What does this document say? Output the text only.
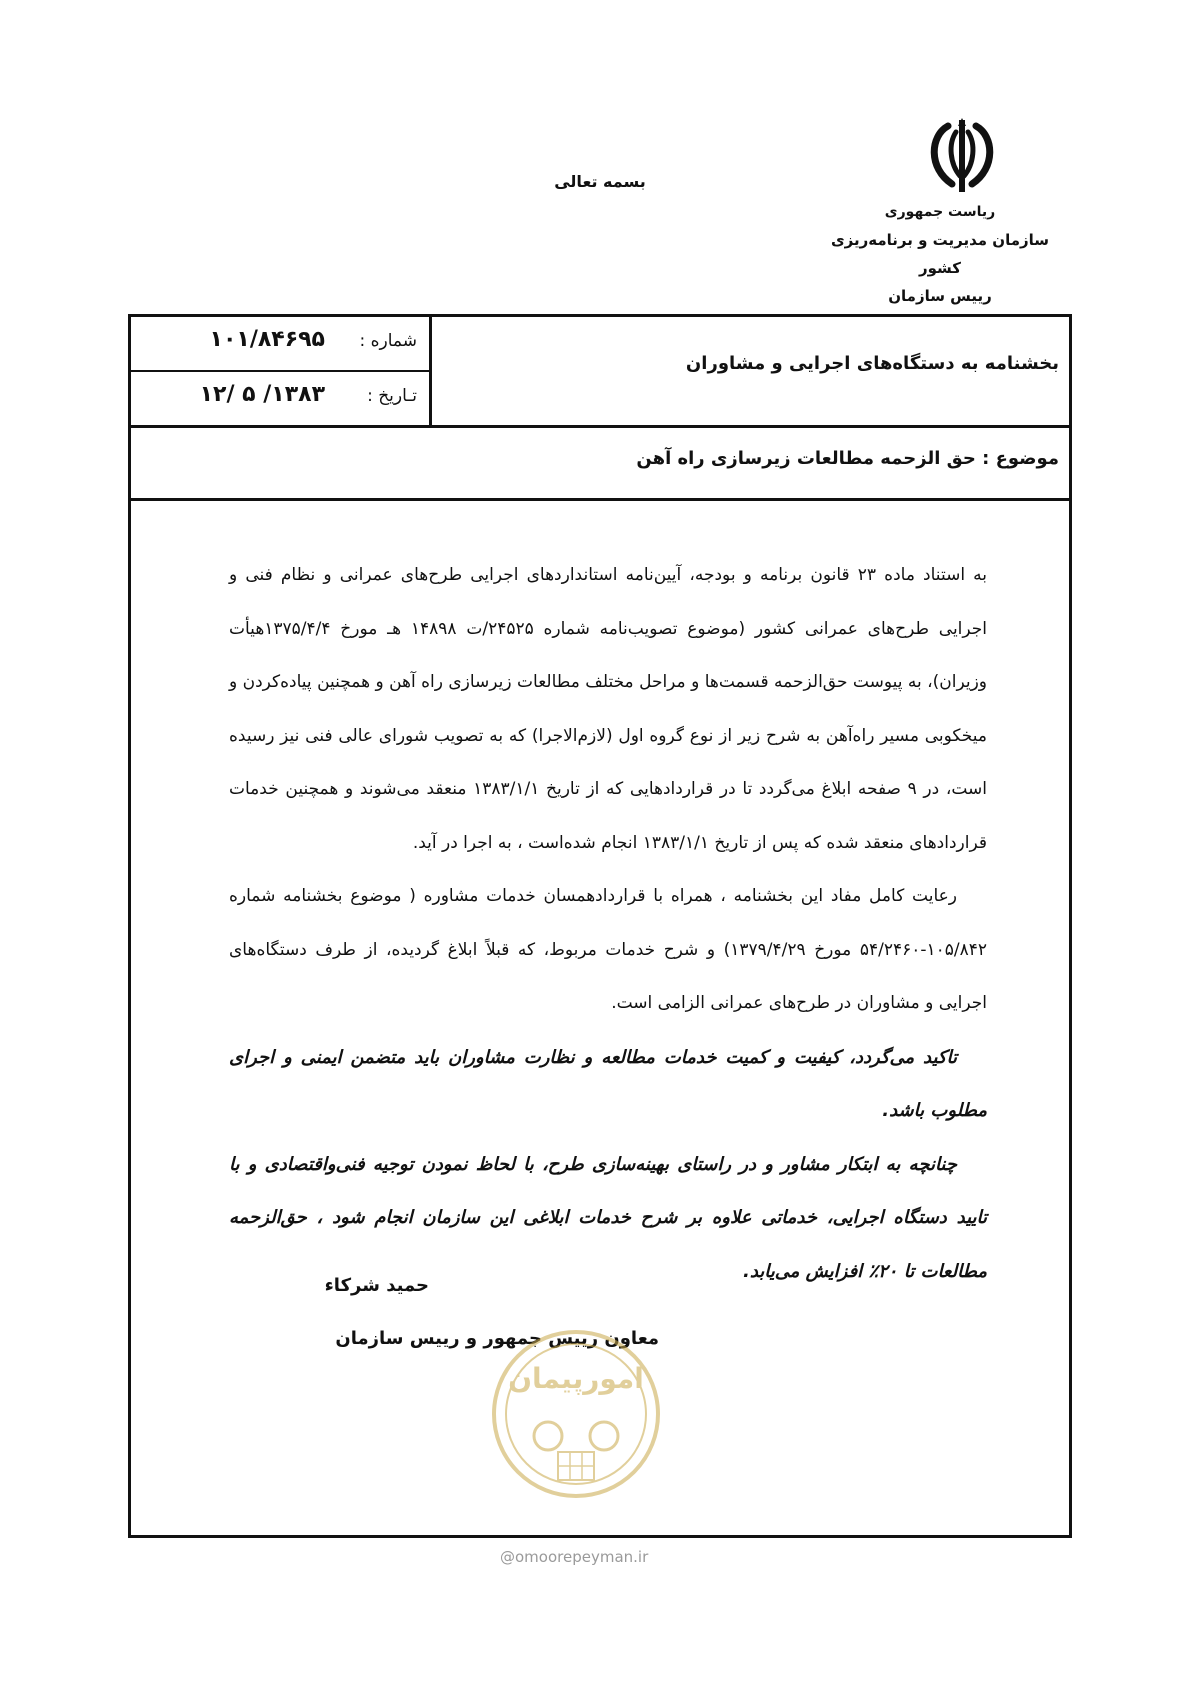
بسمه تعالی
ریاست جمهوری
سازمان مدیریت و برنامه‌ریزی کشور
رییس سازمان
شماره :
۱۰۱/۸۴۶۹۵
تـاریخ :
۱۳۸۳/ ۵ /۱۲
بخشنامه به دستگاه‌های اجرایی و مشاوران
موضوع : حق الزحمه مطالعات زیرسازی راه آهن

به استناد ماده ۲۳ قانون برنامه و بودجه، آیین‌نامه استانداردهای اجرایی طرح‌های عمرانی و نظام فنی و اجرایی طرح‌های عمرانی کشور (موضوع تصویب‌نامه شماره ۲۴۵۲۵/ت ۱۴۸۹۸ هـ مورخ ۱۳۷۵/۴/۴هیأت وزیران)، به پیوست حق‌الزحمه قسمت‌ها و مراحل مختلف مطالعات زیرسازی راه آهن و همچنین پیاده‌کردن و میخکوبی مسیر راه‌آهن به شرح زیر از نوع گروه اول (لازم‌الاجرا) که به تصویب شورای عالی فنی نیز رسیده است، در ۹ صفحه ابلاغ می‌گردد تا در قراردادهایی که از تاریخ ۱۳۸۳/۱/۱ منعقد می‌شوند و همچنین خدمات قراردادهای منعقد شده که پس از تاریخ ۱۳۸۳/۱/۱ انجام شده‌است ، به اجرا در آید.

رعایت کامل مفاد این بخشنامه ، همراه با قراردادهمسان خدمات مشاوره ( موضوع بخشنامه شماره ۱۰۵/۸۴۲-۵۴/۲۴۶۰ مورخ ۱۳۷۹/۴/۲۹) و شرح خدمات مربوط، که قبلاً ابلاغ گردیده، از طرف دستگاه‌های اجرایی و مشاوران در طرح‌های عمرانی الزامی است.

تاکید می‌گردد، کیفیت و کمیت خدمات مطالعه و نظارت مشاوران باید متضمن ایمنی و اجرای مطلوب باشد.

چنانچه به ابتکار مشاور و در راستای بهینه‌سازی طرح، با لحاظ نمودن توجیه فنی‌واقتصادی و با تایید دستگاه اجرایی، خدماتی علاوه بر شرح خدمات ابلاغی این سازمان انجام شود ، حق‌الزحمه مطالعات تا ۲۰٪ افزایش می‌یابد.

حمید شرکاء
معاون رییس جمهور و رییس سازمان
امورپیمان
@omoorepeyman.ir
